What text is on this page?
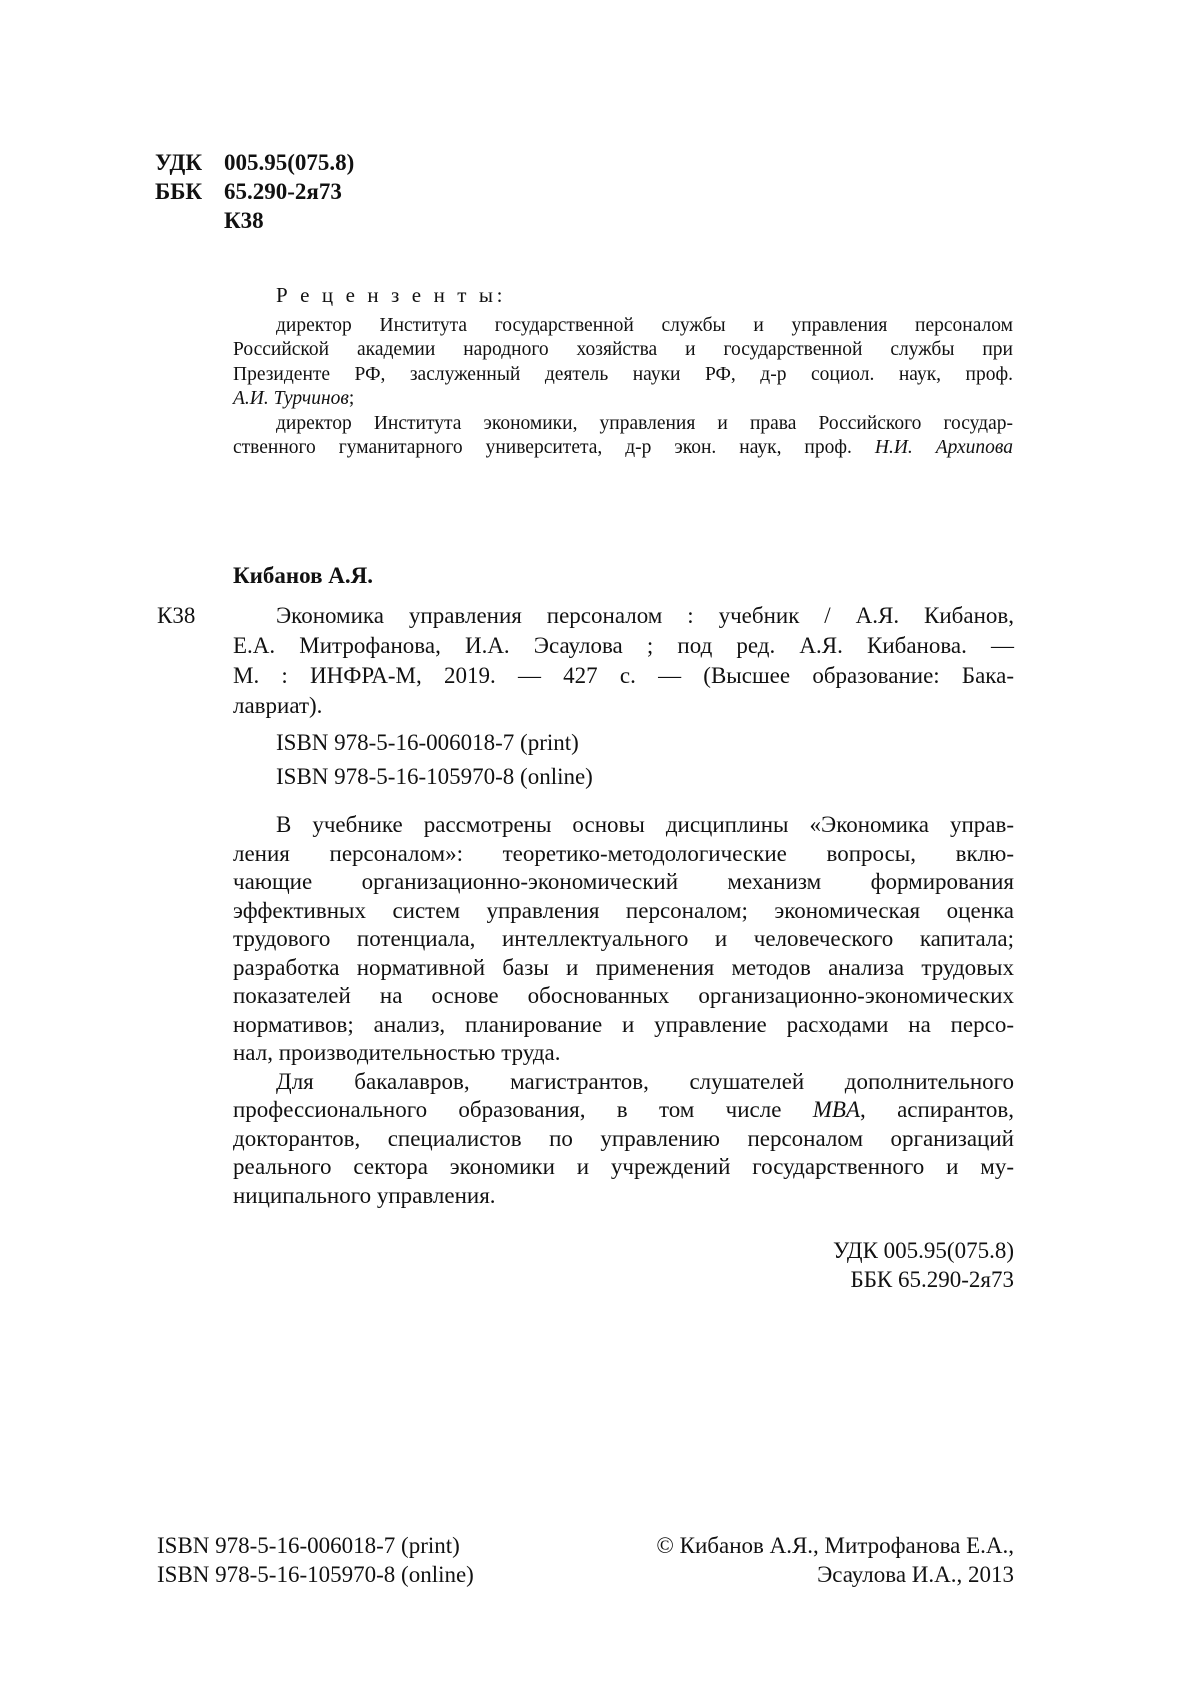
УДК 005.95(075.8)
ББК 65.290-2я73
К38

Р е ц е н з е н т ы:

директор Института государственной службы и управления персоналом

Российской академии народного хозяйства и государственной службы при

Президенте РФ, заслуженный деятель науки РФ, д-р социол. наук, проф.

А.И. Турчинов;

директор Института экономики, управления и права Российского государ-

ственного гуманитарного университета, д-р экон. наук, проф. Н.И. Архипова

Кибанов А.Я.
К38	Экономика управления персоналом : учебник / А.Я. Кибанов,

Е.А. Митрофанова, И.А. Эсаулова ; под ред. А.Я. Кибанова. —

М. : ИНФРА-М, 2019. — 427 с. — (Высшее образование: Бака-

лавриат).

ISBN 978-5-16-006018-7 (print)

ISBN 978-5-16-105970-8 (online)

В учебнике рассмотрены основы дисциплины «Экономика управ-

ления персоналом»: теоретико-методологические вопросы, вклю-

чающие организационно-экономический механизм формирования

эффективных систем управления персоналом; экономическая оценка

трудового потенциала, интеллектуального и человеческого капитала;

разработка нормативной базы и применения методов анализа трудовых

показателей на основе обоснованных организационно-экономических

нормативов; анализ, планирование и управление расходами на персо-

нал, производительностью труда.

Для бакалавров, магистрантов, слушателей дополнительного

профессионального образования, в том числе MBA, аспирантов,

докторантов, специалистов по управлению персоналом организаций

реального сектора экономики и учреждений государственного и му-

ниципального управления.

УДК 005.95(075.8)
ББК 65.290-2я73
ISBN 978-5-16-006018-7 (print)
ISBN 978-5-16-105970-8 (online)
© Кибанов А.Я., Митрофанова Е.А.,
Эсаулова И.А., 2013
